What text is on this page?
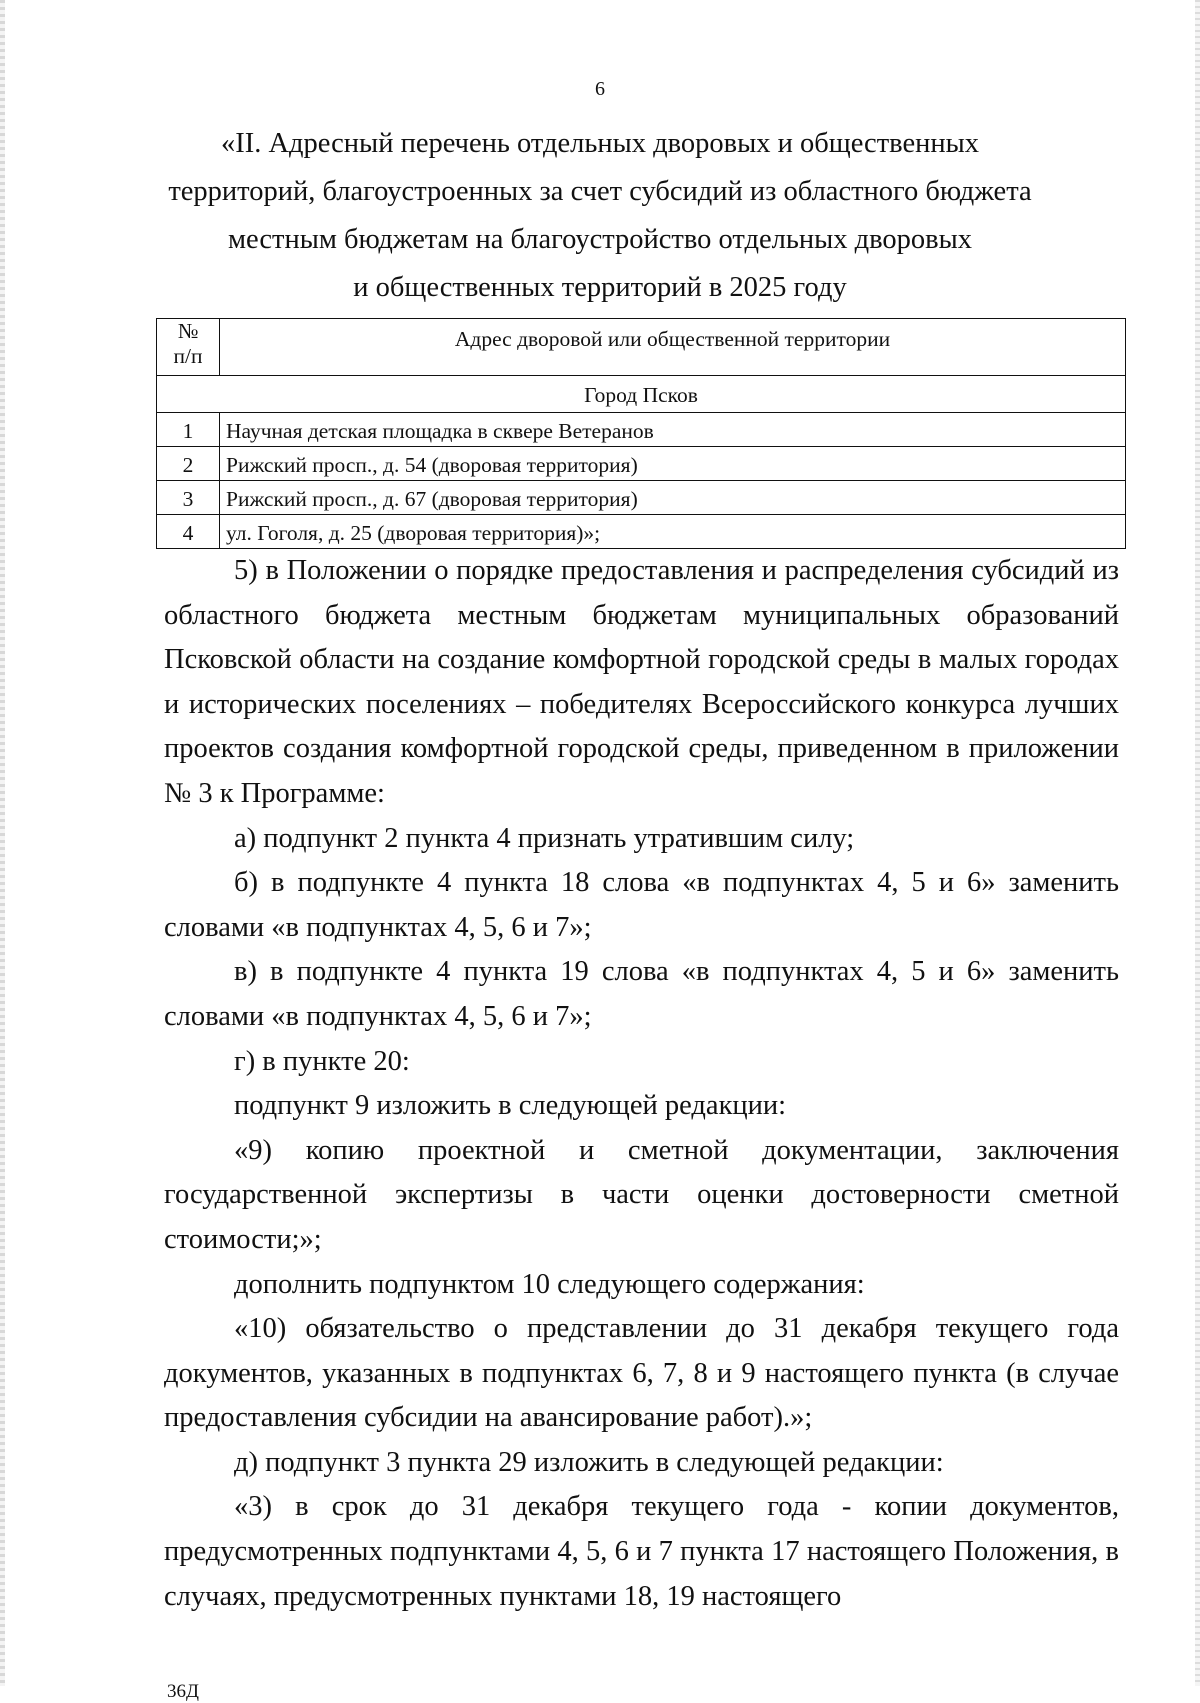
6
«II. Адресный перечень отдельных дворовых и общественных
территорий, благоустроенных за счет субсидий из областного бюджета
местным бюджетам на благоустройство отдельных дворовых
и общественных территорий в 2025 году
№
п/п	Адрес дворовой или общественной территории
Город Псков	
1	Научная детская площадка в сквере Ветеранов
2	Рижский просп., д. 54 (дворовая территория)
3	Рижский просп., д. 67 (дворовая территория)
4	ул. Гоголя, д. 25 (дворовая территория)»;

5) в Положении о порядке предоставления и распределения субсидий из областного бюджета местным бюджетам муниципальных образований Псковской области на создание комфортной городской среды в малых городах и исторических поселениях – победителях Всероссийского конкурса лучших проектов создания комфортной городской среды, приведенном в приложении № 3 к Программе:

а) подпункт 2 пункта 4 признать утратившим силу;

б) в подпункте 4 пункта 18 слова «в подпунктах 4, 5 и 6» заменить словами «в подпунктах 4, 5, 6 и 7»;

в) в подпункте 4 пункта 19 слова «в подпунктах 4, 5 и 6» заменить словами «в подпунктах 4, 5, 6 и 7»;

г) в пункте 20:

подпункт 9 изложить в следующей редакции:

«9) копию проектной и сметной документации, заключения государственной экспертизы в части оценки достоверности сметной стоимости;»;

дополнить подпунктом 10 следующего содержания:

«10) обязательство о представлении до 31 декабря текущего года документов, указанных в подпунктах 6, 7, 8 и 9 настоящего пункта (в случае предоставления субсидии на авансирование работ).»;

д) подпункт 3 пункта 29 изложить в следующей редакции:

«3) в срок до 31 декабря текущего года - копии документов, предусмотренных подпунктами 4, 5, 6 и 7 пункта 17 настоящего Положения, в случаях, предусмотренных пунктами 18, 19 настоящего

36Д
